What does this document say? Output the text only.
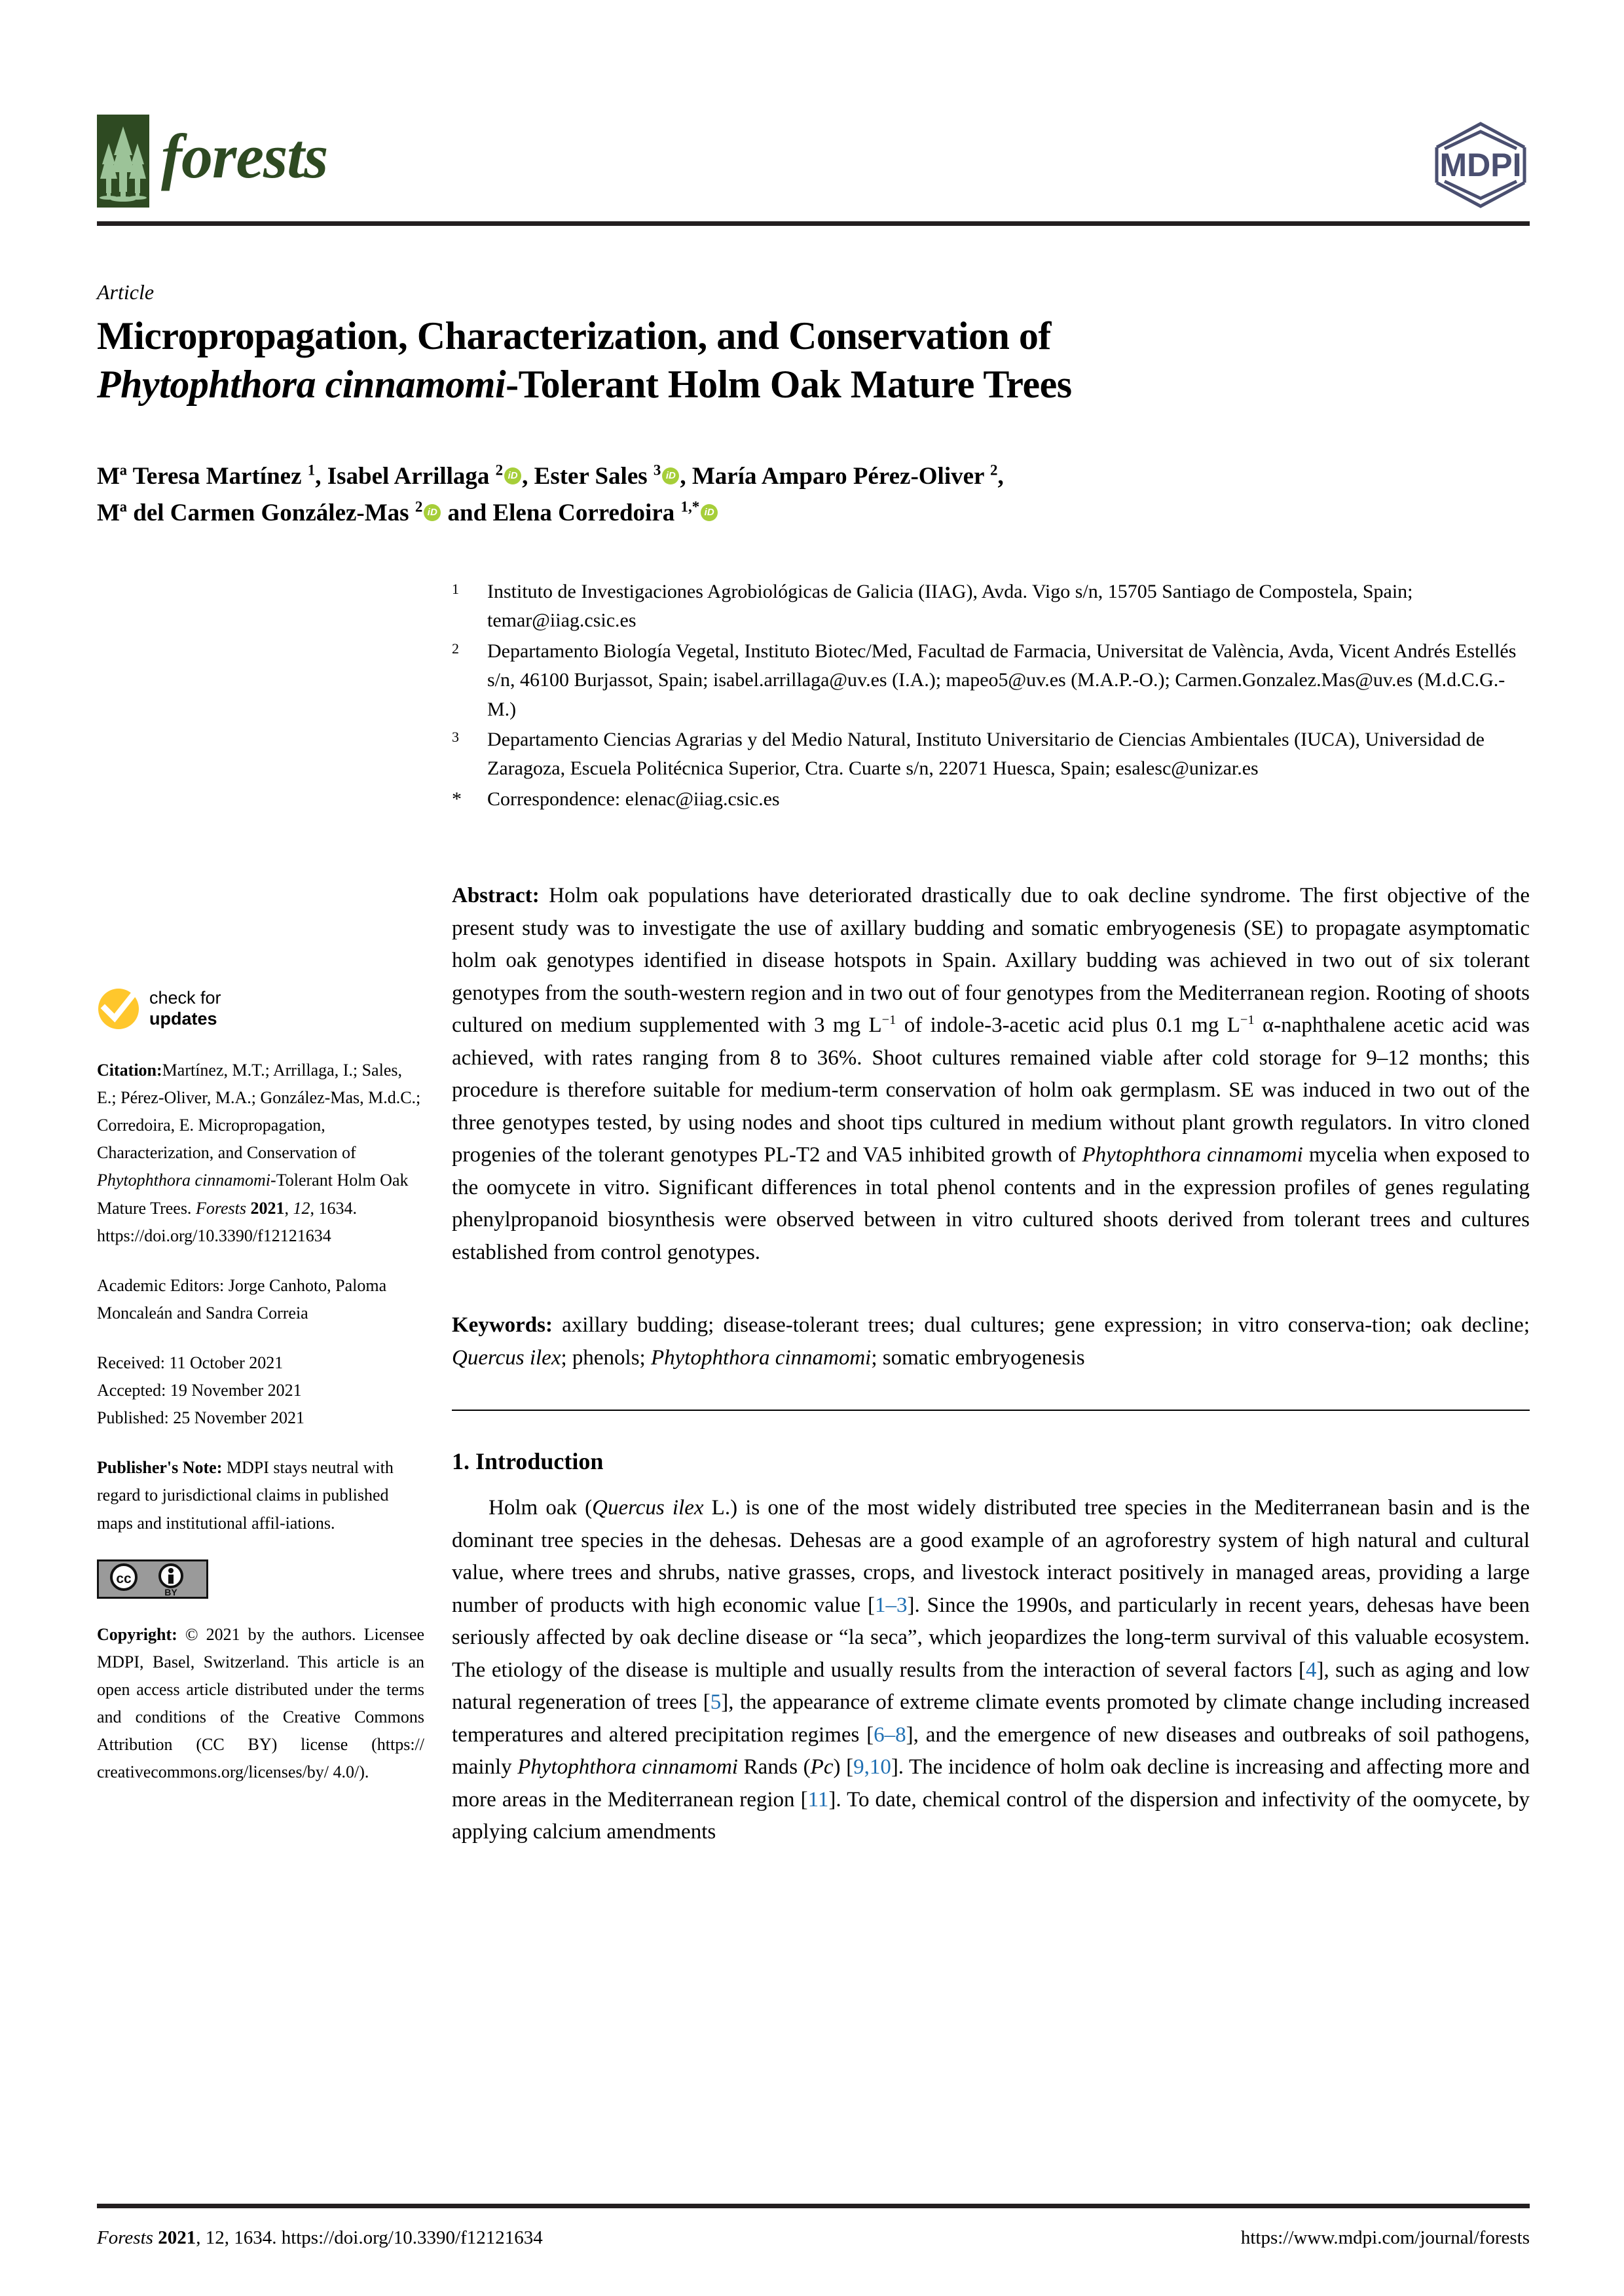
forests	MDPI
Article
Micropropagation, Characterization, and Conservation of
Phytophthora cinnamomi-Tolerant Holm Oak Mature Trees
Mª Teresa Martínez $^1$, Isabel Arrillaga $^2$ iD , Ester Sales $^3$ iD , María Amparo Pérez-Oliver $^2$,
Mª del Carmen González-Mas $^2$ iD and Elena Corredoira $^{1,*}$ iD
1	Instituto de Investigaciones Agrobiológicas de Galicia (IIAG), Avda. Vigo s/n, 15705 Santiago de Compostela, Spain; temar@iiag.csic.es
2	Departamento Biología Vegetal, Instituto Biotec/Med, Facultad de Farmacia, Universitat de València, Avda, Vicent Andrés Estellés s/n, 46100 Burjassot, Spain; isabel.arrillaga@uv.es (I.A.); mapeo5@uv.es (M.A.P.-O.); Carmen.Gonzalez.Mas@uv.es (M.d.C.G.-M.)
3	Departamento Ciencias Agrarias y del Medio Natural, Instituto Universitario de Ciencias Ambientales (IUCA), Universidad de Zaragoza, Escuela Politécnica Superior, Ctra. Cuarte s/n, 22071 Huesca, Spain; esalesc@unizar.es
*	Correspondence: elenac@iiag.csic.es
check for
updates
Citation:Martínez, M.T.; Arrillaga, I.; Sales, E.; Pérez-Oliver, M.A.; González-Mas, M.d.C.; Corredoira, E. Micropropagation, Characterization, and Conservation of Phytophthora cinnamomi-Tolerant Holm Oak Mature Trees. Forests 2021, 12, 1634.
https://doi.org/10.3390/f12121634
Academic Editors: Jorge Canhoto, Paloma Moncaleán and Sandra Correia
Received: 11 October 2021
Accepted: 19 November 2021
Published: 25 November 2021
Publisher's Note: MDPI stays neutral with regard to jurisdictional claims in published maps and institutional affil-iations.
cc
BY
Copyright: © 2021 by the authors. Licensee MDPI, Basel, Switzerland. This article is an open access article distributed under the terms and conditions of the Creative Commons Attribution (CC BY) license (https:// creativecommons.org/licenses/by/ 4.0/).
Abstract: Holm oak populations have deteriorated drastically due to oak decline syndrome. The first objective of the present study was to investigate the use of axillary budding and somatic embryogenesis (SE) to propagate asymptomatic holm oak genotypes identified in disease hotspots in Spain. Axillary budding was achieved in two out of six tolerant genotypes from the south-western region and in two out of four genotypes from the Mediterranean region. Rooting of shoots cultured on medium supplemented with 3 mg $L^{-1}$ of indole-3-acetic acid plus 0.1 mg $L^{-1}$ α-naphthalene acetic acid was achieved, with rates ranging from 8 to 36%. Shoot cultures remained viable after cold storage for 9–12 months; this procedure is therefore suitable for medium-term conservation of holm oak germplasm. SE was induced in two out of the three genotypes tested, by using nodes and shoot tips cultured in medium without plant growth regulators. In vitro cloned progenies of the tolerant genotypes PL-T2 and VA5 inhibited growth of Phytophthora cinnamomi mycelia when exposed to the oomycete in vitro. Significant differences in total phenol contents and in the expression profiles of genes regulating phenylpropanoid biosynthesis were observed between in vitro cultured shoots derived from tolerant trees and cultures established from control genotypes.
Keywords: axillary budding; disease-tolerant trees; dual cultures; gene expression; in vitro conserva-tion; oak decline; Quercus ilex; phenols; Phytophthora cinnamomi; somatic embryogenesis
1. Introduction
Holm oak (Quercus ilex L.) is one of the most widely distributed tree species in the Mediterranean basin and is the dominant tree species in the dehesas. Dehesas are a good example of an agroforestry system of high natural and cultural value, where trees and shrubs, native grasses, crops, and livestock interact positively in managed areas, providing a large number of products with high economic value [1–3]. Since the 1990s, and particularly in recent years, dehesas have been seriously affected by oak decline disease or “la seca”, which jeopardizes the long-term survival of this valuable ecosystem. The etiology of the disease is multiple and usually results from the interaction of several factors [4], such as aging and low natural regeneration of trees [5], the appearance of extreme climate events promoted by climate change including increased temperatures and altered precipitation regimes [6–8], and the emergence of new diseases and outbreaks of soil pathogens, mainly Phytophthora cinnamomi Rands (Pc) [9,10]. The incidence of holm oak decline is increasing and affecting more and more areas in the Mediterranean region [11]. To date, chemical control of the dispersion and infectivity of the oomycete, by applying calcium amendments
Forests 2021, 12, 1634. https://doi.org/10.3390/f12121634	https://www.mdpi.com/journal/forests
